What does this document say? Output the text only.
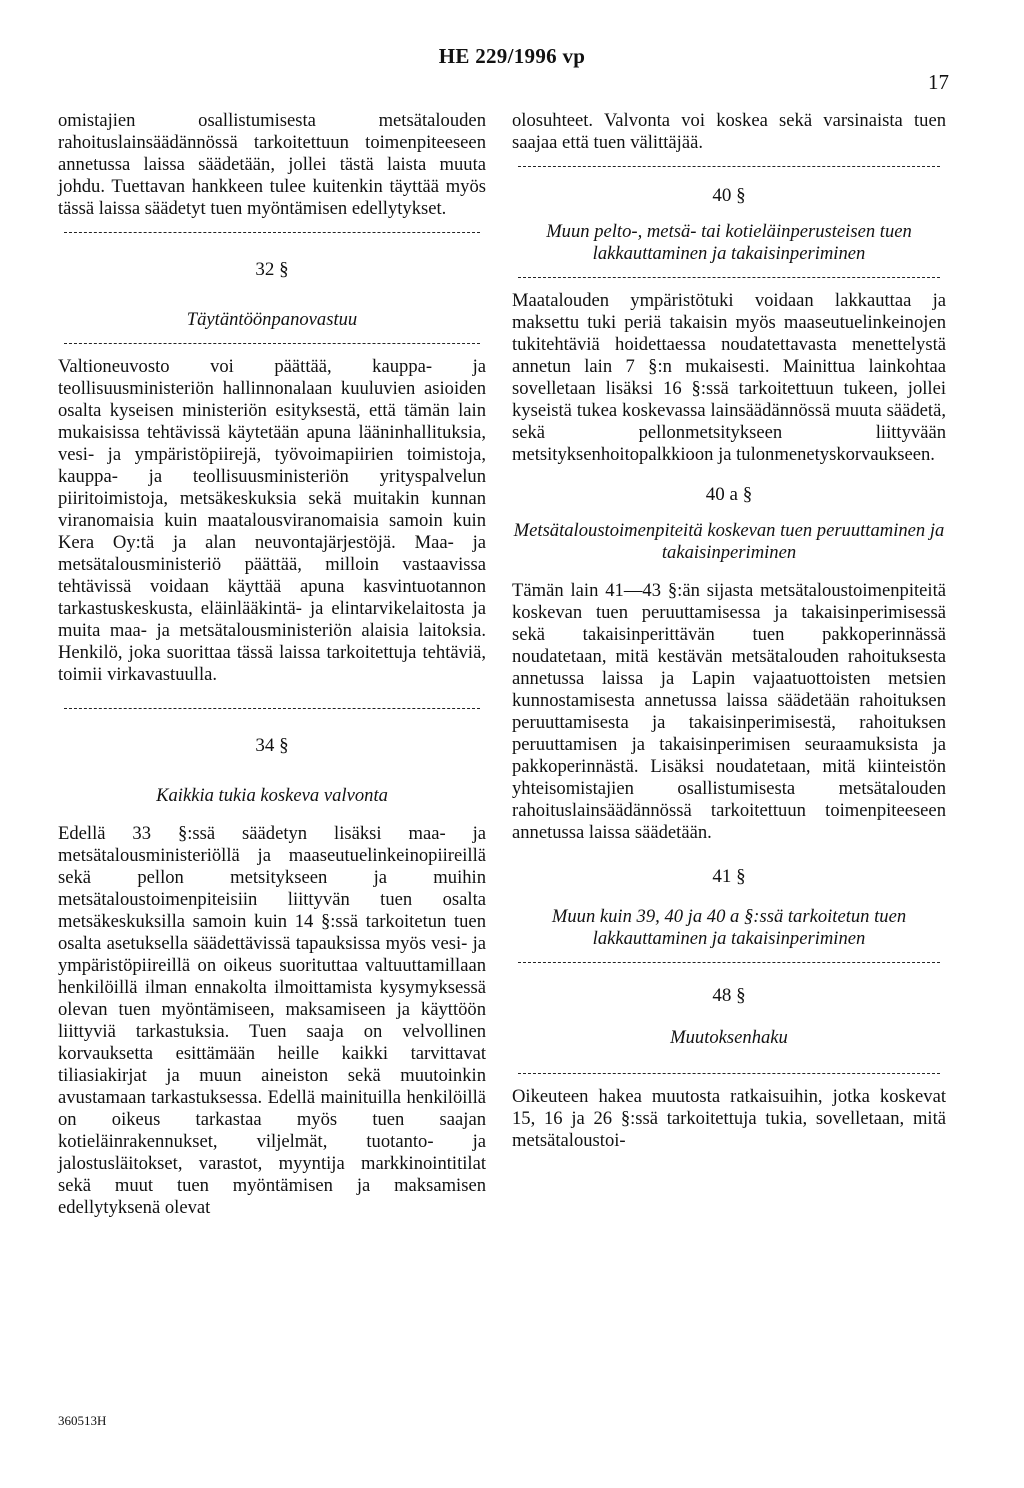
HE 229/1996 vp
17

omistajien osallistumisesta metsätalouden rahoituslainsäädännössä tarkoitettuun toimenpiteeseen annetussa laissa säädetään, jollei tästä laista muuta johdu. Tuettavan hankkeen tulee kuitenkin täyttää myös tässä laissa säädetyt tuen myöntämisen edellytykset.

32 §
Täytäntöönpanovastuu

Valtioneuvosto voi päättää, kauppa- ja teollisuusministeriön hallinnonalaan kuuluvien asioiden osalta kyseisen ministeriön esityksestä, että tämän lain mukaisissa tehtävissä käytetään apuna lääninhallituksia, vesi- ja ympäristöpiirejä, työvoimapiirien toimistoja, kauppa- ja teollisuusministeriön yrityspalvelun piiritoimistoja, metsäkeskuksia sekä muitakin kunnan viranomaisia kuin maatalousviranomaisia samoin kuin Kera Oy:tä ja alan neuvontajärjestöjä. Maa- ja metsätalousministeriö päättää, milloin vastaavissa tehtävissä voidaan käyttää apuna kasvintuotannon tarkastuskeskusta, eläinlääkintä- ja elintarvikelaitosta ja muita maa- ja metsätalousministeriön alaisia laitoksia. Henkilö, joka suorittaa tässä laissa tarkoitettuja tehtäviä, toimii virkavastuulla.

34 §
Kaikkia tukia koskeva valvonta

Edellä 33 §:ssä säädetyn lisäksi maa- ja metsätalousministeriöllä ja maaseutuelinkeinopiireillä sekä pellon metsitykseen ja muihin metsätaloustoimenpiteisiin liittyvän tuen osalta metsäkeskuksilla samoin kuin 14 §:ssä tarkoitetun tuen osalta asetuksella säädettävissä tapauksissa myös vesi- ja ympäristöpiireillä on oikeus suorituttaa valtuuttamillaan henkilöillä ilman ennakolta ilmoittamista kysymyksessä olevan tuen myöntämiseen, maksamiseen ja käyttöön liittyviä tarkastuksia. Tuen saaja on velvollinen korvauksetta esittämään heille kaikki tarvittavat tiliasiakirjat ja muun aineiston sekä muutoinkin avustamaan tarkastuksessa. Edellä mainituilla henkilöillä on oikeus tarkastaa myös tuen saajan kotieläinrakennukset, viljelmät, tuotanto- ja jalostusläitokset, varastot, myyntija markkinointitilat sekä muut tuen myöntämisen ja maksamisen edellytyksenä olevat

olosuhteet. Valvonta voi koskea sekä varsinaista tuen saajaa että tuen välittäjää.

40 §
Muun pelto-, metsä- tai kotieläinperusteisen tuen lakkauttaminen ja takaisinperiminen

Maatalouden ympäristötuki voidaan lakkauttaa ja maksettu tuki periä takaisin myös maaseutuelinkeinojen tukitehtäviä hoidettaessa noudatettavasta menettelystä annetun lain 7 §:n mukaisesti. Mainittua lainkohtaa sovelletaan lisäksi 16 §:ssä tarkoitettuun tukeen, jollei kyseistä tukea koskevassa lainsäädännössä muuta säädetä, sekä pellonmetsitykseen liittyvään metsityksenhoitopalkkioon ja tulonmenetyskorvaukseen.

40 a §
Metsätaloustoimenpiteitä koskevan tuen peruuttaminen ja takaisinperiminen

Tämän lain 41—43 §:än sijasta metsätaloustoimenpiteitä koskevan tuen peruuttamisessa ja takaisinperimisessä sekä takaisinperittävän tuen pakkoperinnässä noudatetaan, mitä kestävän metsätalouden rahoituksesta annetussa laissa ja Lapin vajaatuottoisten metsien kunnostamisesta annetussa laissa säädetään rahoituksen peruuttamisesta ja takaisinperimisestä, rahoituksen peruuttamisen ja takaisinperimisen seuraamuksista ja pakkoperinnästä. Lisäksi noudatetaan, mitä kiinteistön yhteisomistajien osallistumisesta metsätalouden rahoituslainsäädännössä tarkoitettuun toimenpiteeseen annetussa laissa säädetään.

41 §
Muun kuin 39, 40 ja 40 a §:ssä tarkoitetun tuen lakkauttaminen ja takaisinperiminen
48 §
Muutoksenhaku

Oikeuteen hakea muutosta ratkaisuihin, jotka koskevat 15, 16 ja 26 §:ssä tarkoitettuja tukia, sovelletaan, mitä metsätaloustoi-

360513H
